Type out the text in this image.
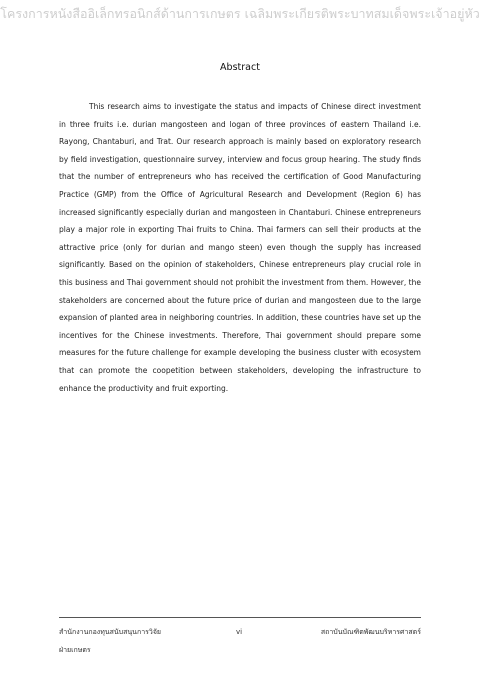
โครงการหนังสืออิเล็กทรอนิกส์ด้านการเกษตร เฉลิมพระเกียรติพระบาทสมเด็จพระเจ้าอยู่หัว
Abstract

This research aims to investigate the status and impacts of Chinese direct investment in three fruits i.e. durian mangosteen and logan of three provinces of eastern Thailand i.e. Rayong, Chantaburi, and Trat. Our research approach is mainly based on exploratory research by field investigation, questionnaire survey, interview and focus group hearing. The study finds that the number of entrepreneurs who has received the certification of Good Manufacturing Practice (GMP) from the Office of Agricultural Research and Development (Region 6) has increased significantly especially durian and mangosteen in Chantaburi. Chinese entrepreneurs play a major role in exporting Thai fruits to China. Thai farmers can sell their products at the attractive price (only for durian and mango steen) even though the supply has increased significantly. Based on the opinion of stakeholders, Chinese entrepreneurs play crucial role in this business and Thai government should not prohibit the investment from them. However, the stakeholders are concerned about the future price of durian and mangosteen due to the large expansion of planted area in neighboring countries. In addition, these countries have set up the incentives for the Chinese investments. Therefore, Thai government should prepare some measures for the future challenge for example developing the business cluster with ecosystem that can promote the coopetition between stakeholders, developing the infrastructure to enhance the productivity and fruit exporting.

สำนักงานกองทุนสนับสนุนการวิจัย
ฝ่ายเกษตร
vi	สถาบันบัณฑิตพัฒนบริหารศาสตร์
